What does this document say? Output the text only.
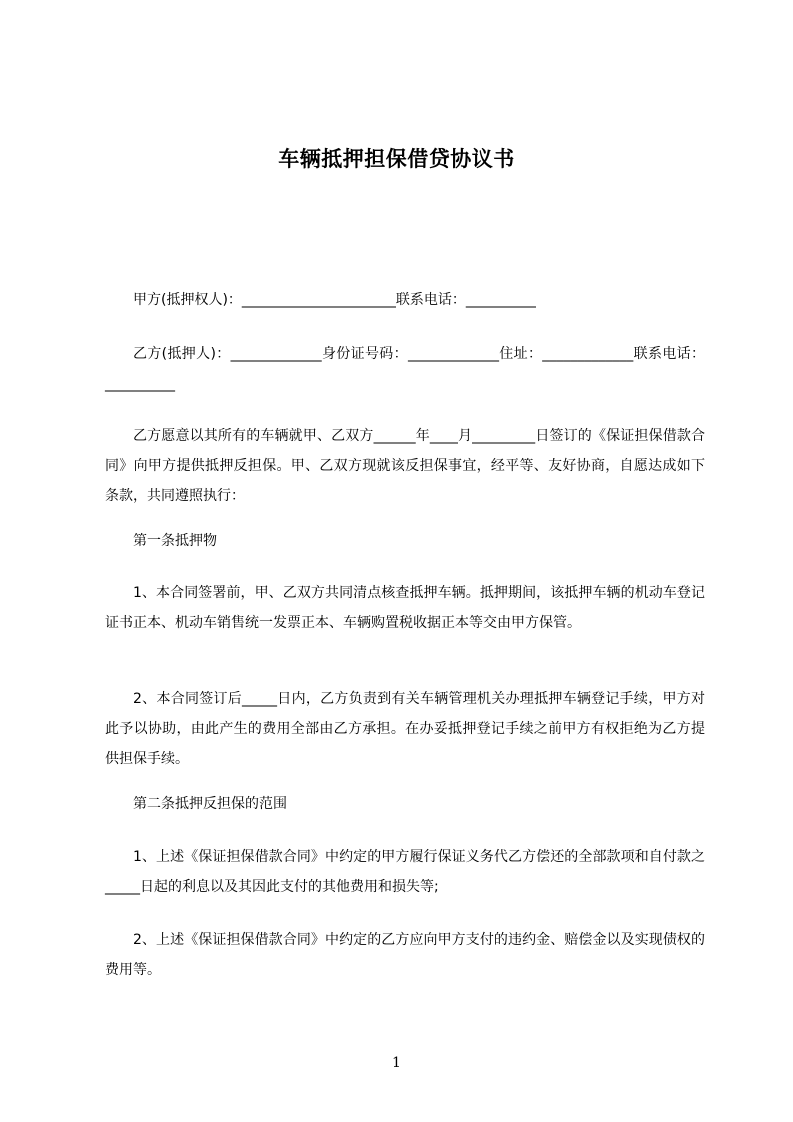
车辆抵押担保借贷协议书
甲方(抵押权人)：______________________联系电话：__________
乙方(抵押人)：_____________身份证号码：_____________住址：_____________联系电话：__________
乙方愿意以其所有的车辆就甲、乙双方______年____月_________日签订的《保证担保借款合同》向甲方提供抵押反担保。甲、乙双方现就该反担保事宜，经平等、友好协商，自愿达成如下条款，共同遵照执行：
第一条抵押物
1、本合同签署前，甲、乙双方共同清点核查抵押车辆。抵押期间，该抵押车辆的机动车登记证书正本、机动车销售统一发票正本、车辆购置税收据正本等交由甲方保管。
2、本合同签订后_____日内，乙方负责到有关车辆管理机关办理抵押车辆登记手续，甲方对此予以协助，由此产生的费用全部由乙方承担。在办妥抵押登记手续之前甲方有权拒绝为乙方提供担保手续。
第二条抵押反担保的范围
1、上述《保证担保借款合同》中约定的甲方履行保证义务代乙方偿还的全部款项和自付款之_____日起的利息以及其因此支付的其他费用和损失等;
2、上述《保证担保借款合同》中约定的乙方应向甲方支付的违约金、赔偿金以及实现债权的费用等。
1
